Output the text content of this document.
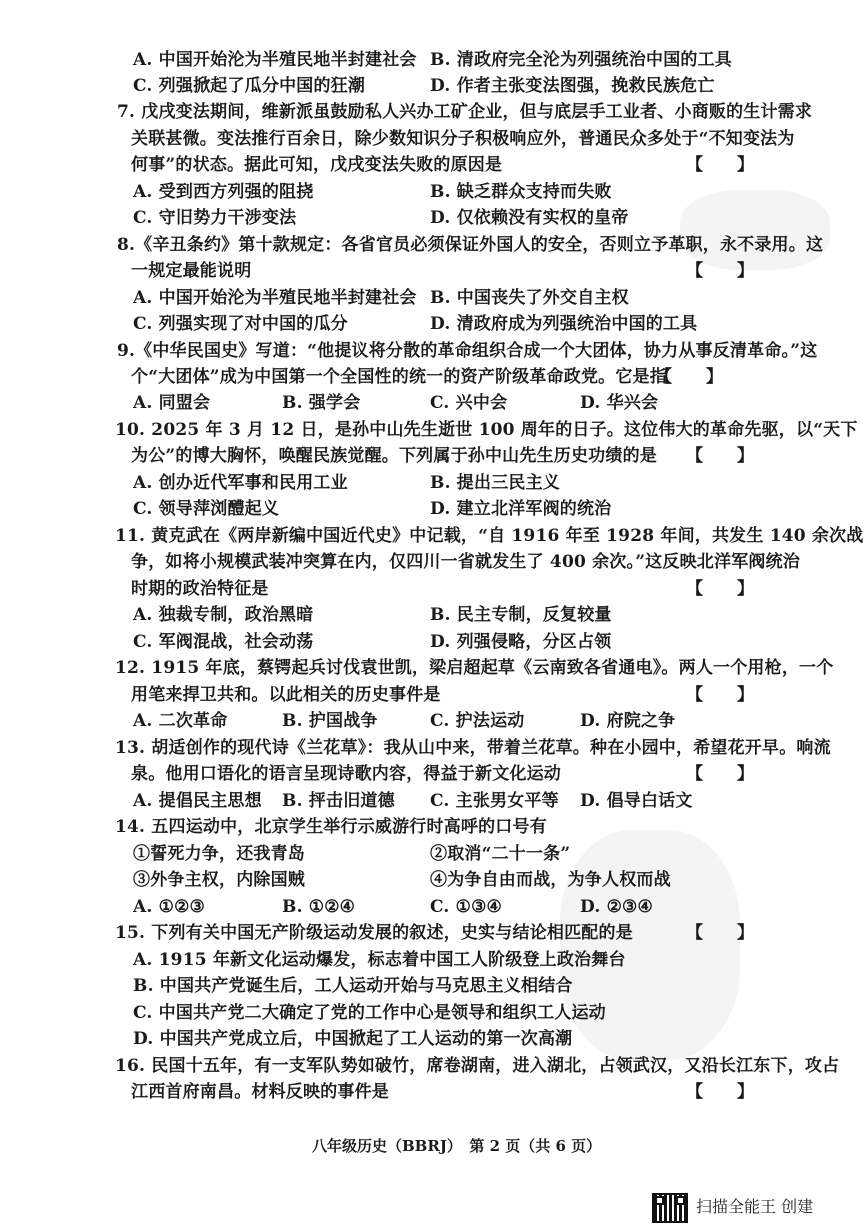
A. 中国开始沦为半殖民地半封建社会 B. 清政府完全沦为列强统治中国的工具
C. 列强掀起了瓜分中国的狂潮	D. 作者主张变法图强，挽救民族危亡
7. 戊戌变法期间，维新派虽鼓励私人兴办工矿企业，但与底层手工业者、小商贩的生计需求
关联甚微。变法推行百余日，除少数知识分子积极响应外，普通民众多处于“不知变法为
何事”的状态。据此可知，戊戌变法失败的原因是
A. 受到西方列强的阻挠	B. 缺乏群众支持而失败
C. 守旧势力干涉变法	D. 仅依赖没有实权的皇帝
8.《辛丑条约》第十款规定：各省官员必须保证外国人的安全，否则立予革职，永不录用。这
一规定最能说明
A. 中国开始沦为半殖民地半封建社会 B. 中国丧失了外交自主权
C. 列强实现了对中国的瓜分	D. 清政府成为列强统治中国的工具
9.《中华民国史》写道：“他提议将分散的革命组织合成一个大团体，协力从事反清革命。”这
个“大团体”成为中国第一个全国性的统一的资产阶级革命政党。它是指
A. 同盟会	B. 强学会	C. 兴中会	D. 华兴会
10. 2025 年 3 月 12 日，是孙中山先生逝世 100 周年的日子。这位伟大的革命先驱，以“天下
为公”的博大胸怀，唤醒民族觉醒。下列属于孙中山先生历史功绩的是
A. 创办近代军事和民用工业	B. 提出三民主义
C. 领导萍浏醴起义	D. 建立北洋军阀的统治
11. 黄克武在《两岸新编中国近代史》中记载，“自 1916 年至 1928 年间，共发生 140 余次战
争，如将小规模武装冲突算在内，仅四川一省就发生了 400 余次。”这反映北洋军阀统治
时期的政治特征是
A. 独裁专制，政治黑暗	B. 民主专制，反复较量
C. 军阀混战，社会动荡	D. 列强侵略，分区占领
12. 1915 年底，蔡锷起兵讨伐袁世凯，梁启超起草《云南致各省通电》。两人一个用枪，一个
用笔来捍卫共和。以此相关的历史事件是
A. 二次革命	B. 护国战争	C. 护法运动	D. 府院之争
13. 胡适创作的现代诗《兰花草》：我从山中来，带着兰花草。种在小园中，希望花开早。响流
泉。他用口语化的语言呈现诗歌内容，得益于新文化运动
A. 提倡民主思想 B. 抨击旧道德 C. 主张男女平等 D. 倡导白话文
14. 五四运动中，北京学生举行示威游行时高呼的口号有
①誓死力争，还我青岛	②取消“二十一条”
③外争主权，内除国贼	④为争自由而战，为争人权而战
A. ①②③	B. ①②④	C. ①③④	D. ②③④
15. 下列有关中国无产阶级运动发展的叙述，史实与结论相匹配的是
A. 1915 年新文化运动爆发，标志着中国工人阶级登上政治舞台
B. 中国共产党诞生后，工人运动开始与马克思主义相结合
C. 中国共产党二大确定了党的工作中心是领导和组织工人运动
D. 中国共产党成立后，中国掀起了工人运动的第一次高潮
16. 民国十五年，有一支军队势如破竹，席卷湖南，进入湖北，占领武汉，又沿长江东下，攻占
江西首府南昌。材料反映的事件是
【　　】
【　　】
【　　】
【　　】
【　　】
【　　】
【　　】
【　　】
【　　】
八年级历史（BBRJ）　第 2 页（共 6 页）
扫描全能王 创建
